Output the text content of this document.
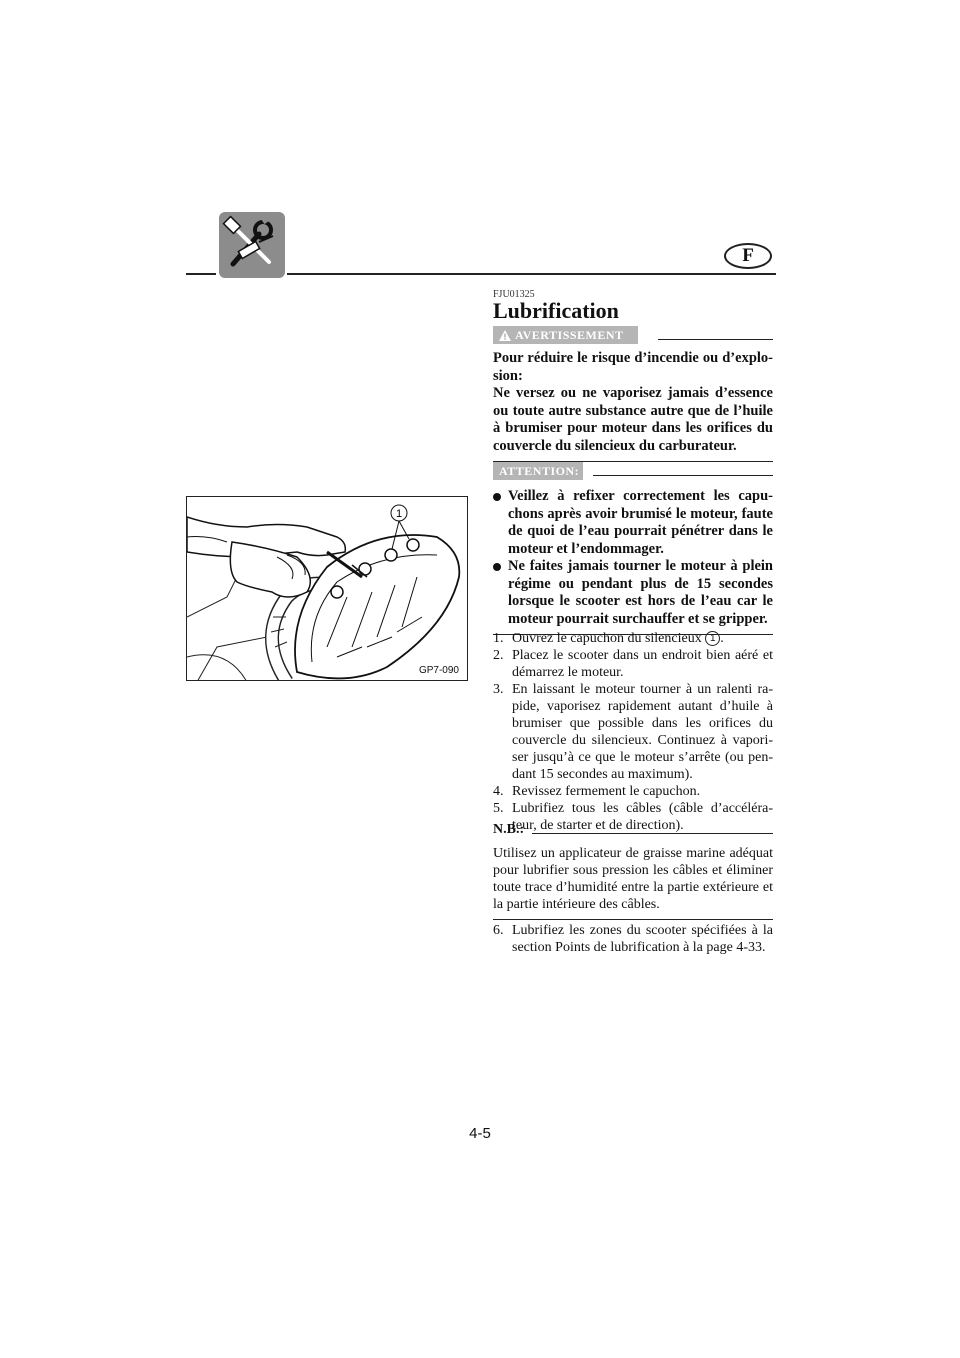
F
FJU01325
Lubrification
AVERTISSEMENT

Pour réduire le risque d’incendie ou d’explo-sion:

Ne versez ou ne vaporisez jamais d’essence ou toute autre substance autre que de l’huile à brumiser pour moteur dans les orifices du couvercle du silencieux du carburateur.

ATTENTION:

Veillez à refixer correctement les capu-chons après avoir brumisé le moteur, faute de quoi de l’eau pourrait pénétrer dans le moteur et l’endommager.

Ne faites jamais tourner le moteur à plein régime ou pendant plus de 15 secondes lorsque le scooter est hors de l’eau car le moteur pourrait surchauffer et se gripper.

1. Ouvrez le capuchon du silencieux 1 .

2. Placez le scooter dans un endroit bien aéré et démarrez le moteur.

3. En laissant le moteur tourner à un ralenti ra-pide, vaporisez rapidement autant d’huile à brumiser que possible dans les orifices du couvercle du silencieux. Continuez à vapori-ser jusqu’à ce que le moteur s’arrête (ou pen-dant 15 secondes au maximum).

4. Revissez fermement le capuchon.

5. Lubrifiez tous les câbles (câble d’accéléra-teur, de starter et de direction).

N.B.:

Utilisez un applicateur de graisse marine adéquat pour lubrifier sous pression les câbles et éliminer toute trace d’humidité entre la partie extérieure et la partie intérieure des câbles.

6. Lubrifiez les zones du scooter spécifiées à la section Points de lubrification à la page 4-33.

1
GP7-090
4-5
